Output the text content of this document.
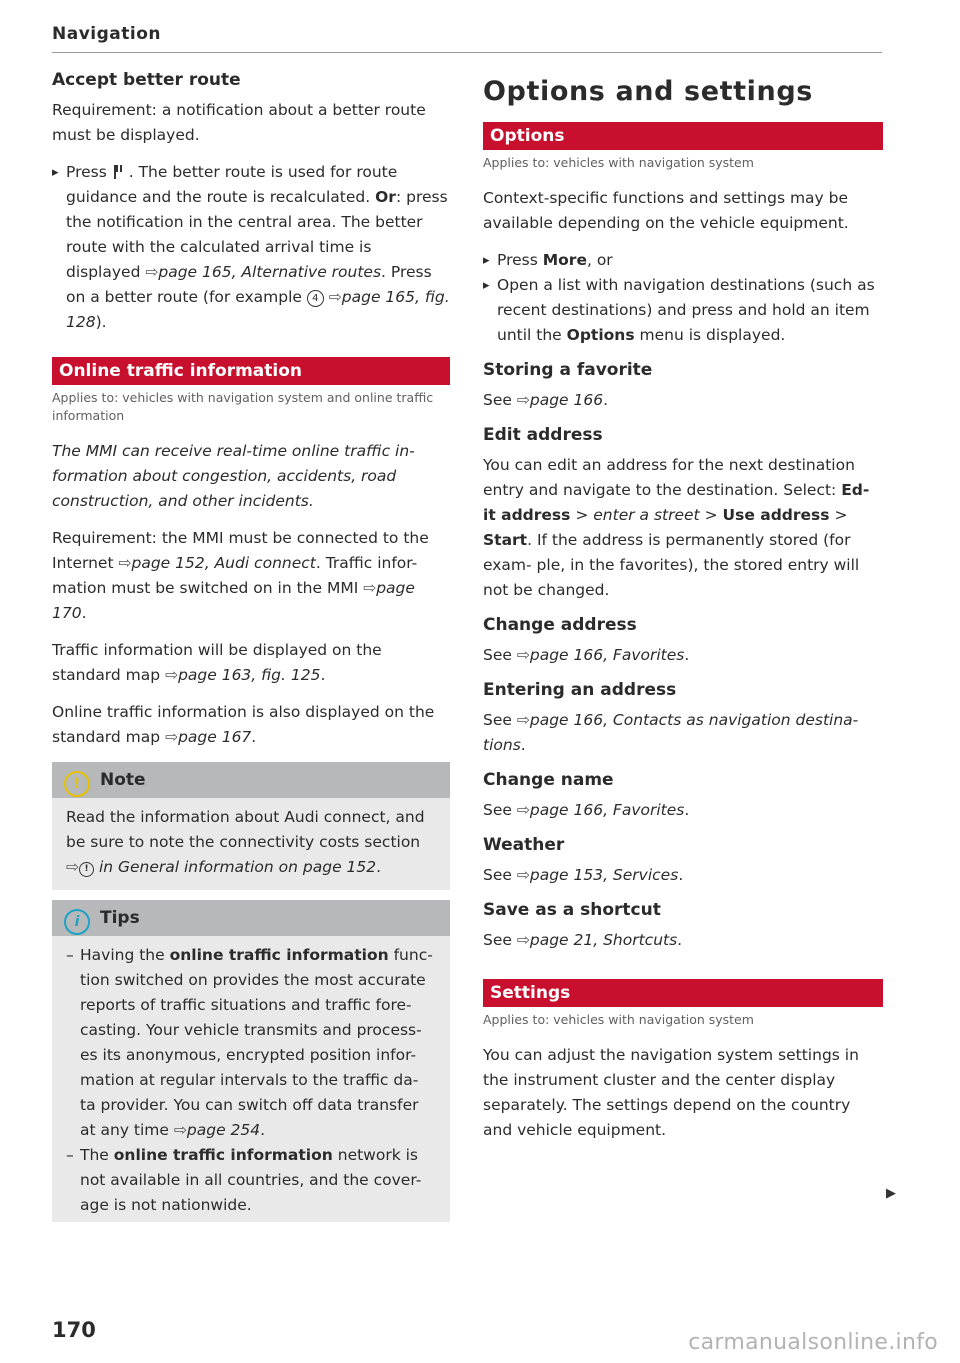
Navigation
Accept better route

Requirement: a notification about a better route must be displayed.

▸ Press . The better route is used for route guidance and the route is recalculated. Or: press the notification in the central area. The better route with the calculated arrival time is displayed ⇨page 165, Alternative routes. Press on a better route (for example 4 ⇨page 165, fig. 128).

Online traffic information
Applies to: vehicles with navigation system and online traffic information

The MMI can receive real-time online traffic in- formation about congestion, accidents, road construction, and other incidents.

Requirement: the MMI must be connected to the Internet ⇨page 152, Audi connect. Traffic infor- mation must be switched on in the MMI ⇨page 170.

Traffic information will be displayed on the standard map ⇨page 163, fig. 125.

Online traffic information is also displayed on the standard map ⇨page 167.

! Note

Read the information about Audi connect, and be sure to note the connectivity costs section ⇨ ! in General information on page 152.

i Tips
– Having the online traffic information func- tion switched on provides the most accurate reports of traffic situations and traffic fore- casting. Your vehicle transmits and process- es its anonymous, encrypted position infor- mation at regular intervals to the traffic da- ta provider. You can switch off data transfer at any time ⇨page 254.
– The online traffic information network is not available in all countries, and the cover- age is not nationwide.
Options and settings
Options
Applies to: vehicles with navigation system

Context-specific functions and settings may be available depending on the vehicle equipment.

▸ Press More, or

▸ Open a list with navigation destinations (such as recent destinations) and press and hold an item until the Options menu is displayed.

Storing a favorite

See ⇨page 166.

Edit address

You can edit an address for the next destination entry and navigate to the destination. Select: Ed- it address > enter a street > Use address > Start. If the address is permanently stored (for exam- ple, in the favorites), the stored entry will not be changed.

Change address

See ⇨page 166, Favorites.

Entering an address

See ⇨page 166, Contacts as navigation destina- tions.

Change name

See ⇨page 166, Favorites.

Weather

See ⇨page 153, Services.

Save as a shortcut

See ⇨page 21, Shortcuts.

Settings
Applies to: vehicles with navigation system

You can adjust the navigation system settings in the instrument cluster and the center display separately. The settings depend on the country and vehicle equipment.

▶
170	carmanualsonline.info
